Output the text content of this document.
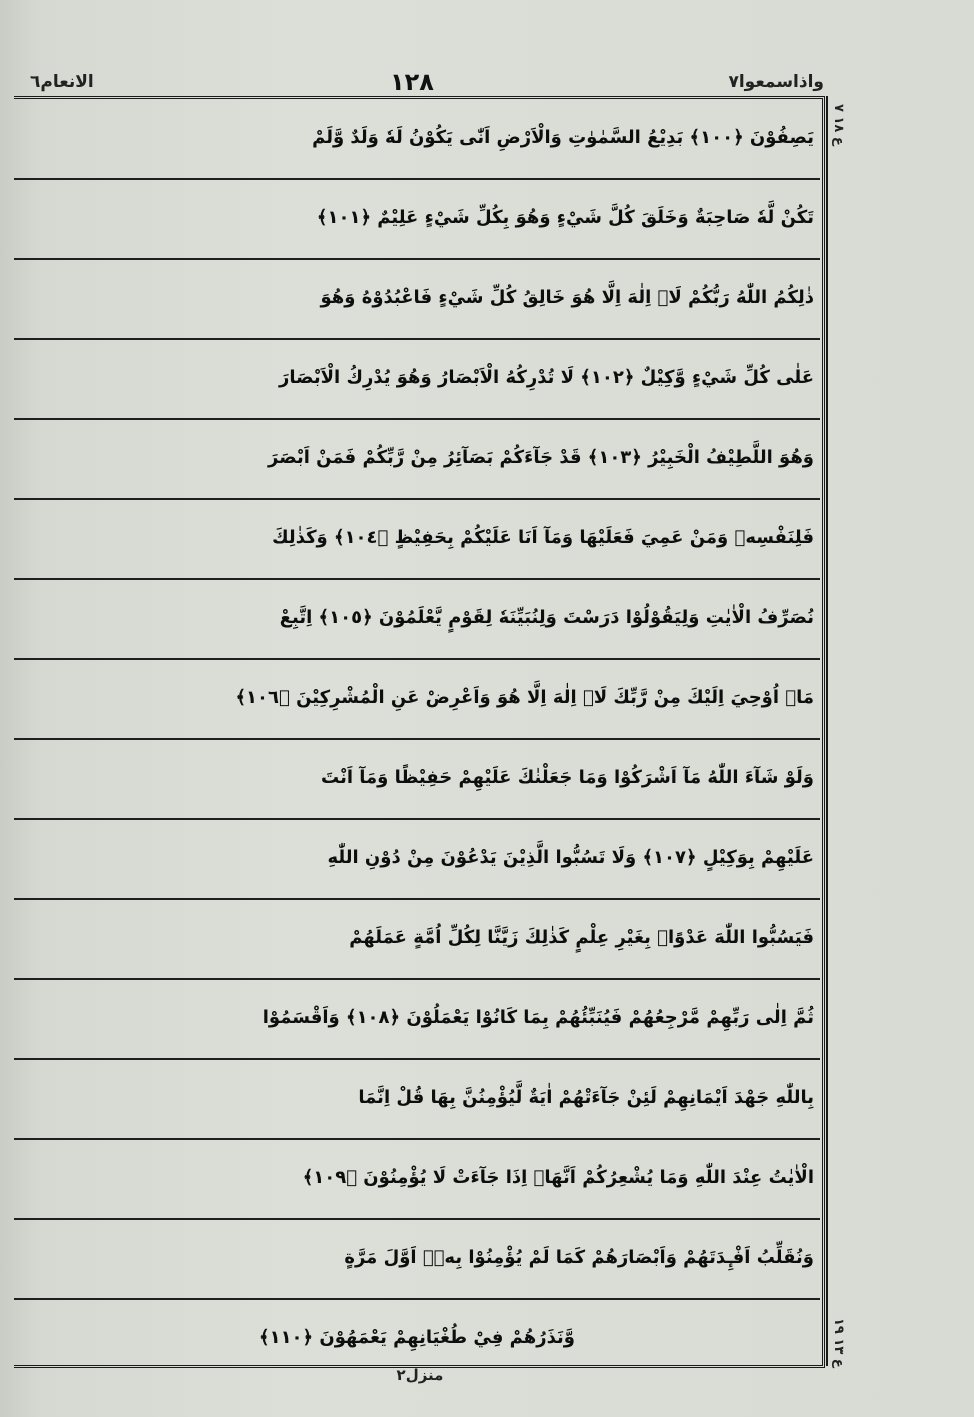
واذاسمعوا٧
١٢٨
الانعام٦
يَصِفُوْنَ ﴿١٠٠﴾ بَدِيْعُ السَّمٰوٰتِ وَالْاَرْضِ اَنّٰى يَكُوْنُ لَهٗ وَلَدٌ وَّلَمْ
تَكُنْ لَّهٗ صَاحِبَةٌ وَخَلَقَ كُلَّ شَيْءٍ وَهُوَ بِكُلِّ شَيْءٍ عَلِيْمٌ ﴿١٠١﴾
ذٰلِكُمُ اللّٰهُ رَبُّكُمْ لَاۤ اِلٰهَ اِلَّا هُوَ خَالِقُ كُلِّ شَيْءٍ فَاعْبُدُوْهُ وَهُوَ
عَلٰى كُلِّ شَيْءٍ وَّكِيْلٌ ﴿١٠٢﴾ لَا تُدْرِكُهُ الْاَبْصَارُ وَهُوَ يُدْرِكُ الْاَبْصَارَ
وَهُوَ اللَّطِيْفُ الْخَبِيْرُ ﴿١٠٣﴾ قَدْ جَآءَكُمْ بَصَآئِرُ مِنْ رَّبِّكُمْ فَمَنْ اَبْصَرَ
فَلِنَفْسِهٖ وَمَنْ عَمِيَ فَعَلَيْهَا وَمَآ اَنَا عَلَيْكُمْ بِحَفِيْظٍ ﴿١٠٤﴾ وَكَذٰلِكَ
نُصَرِّفُ الْاٰيٰتِ وَلِيَقُوْلُوْا دَرَسْتَ وَلِنُبَيِّنَهٗ لِقَوْمٍ يَّعْلَمُوْنَ ﴿١٠٥﴾ اِتَّبِعْ
مَاۤ اُوْحِيَ اِلَيْكَ مِنْ رَّبِّكَ لَاۤ اِلٰهَ اِلَّا هُوَ وَاَعْرِضْ عَنِ الْمُشْرِكِيْنَ ﴿١٠٦﴾
وَلَوْ شَآءَ اللّٰهُ مَآ اَشْرَكُوْا وَمَا جَعَلْنٰكَ عَلَيْهِمْ حَفِيْظًا وَمَآ اَنْتَ
عَلَيْهِمْ بِوَكِيْلٍ ﴿١٠٧﴾ وَلَا تَسُبُّوا الَّذِيْنَ يَدْعُوْنَ مِنْ دُوْنِ اللّٰهِ
فَيَسُبُّوا اللّٰهَ عَدْوًاۢ بِغَيْرِ عِلْمٍ كَذٰلِكَ زَيَّنَّا لِكُلِّ اُمَّةٍ عَمَلَهُمْ
ثُمَّ اِلٰى رَبِّهِمْ مَّرْجِعُهُمْ فَيُنَبِّئُهُمْ بِمَا كَانُوْا يَعْمَلُوْنَ ﴿١٠٨﴾ وَاَقْسَمُوْا
بِاللّٰهِ جَهْدَ اَيْمَانِهِمْ لَئِنْ جَآءَتْهُمْ اٰيَةٌ لَّيُؤْمِنُنَّ بِهَا قُلْ اِنَّمَا
الْاٰيٰتُ عِنْدَ اللّٰهِ وَمَا يُشْعِرُكُمْ اَنَّهَاۤ اِذَا جَآءَتْ لَا يُؤْمِنُوْنَ ﴿١٠٩﴾
وَنُقَلِّبُ اَفْـِٕدَتَهُمْ وَاَبْصَارَهُمْ كَمَا لَمْ يُؤْمِنُوْا بِهٖۤ اَوَّلَ مَرَّةٍ
وَّنَذَرُهُمْ فِيْ طُغْيَانِهِمْ يَعْمَهُوْنَ ﴿١١٠﴾
ع ١٨ ٧
ع ١٣ ١٩
منزل٢
